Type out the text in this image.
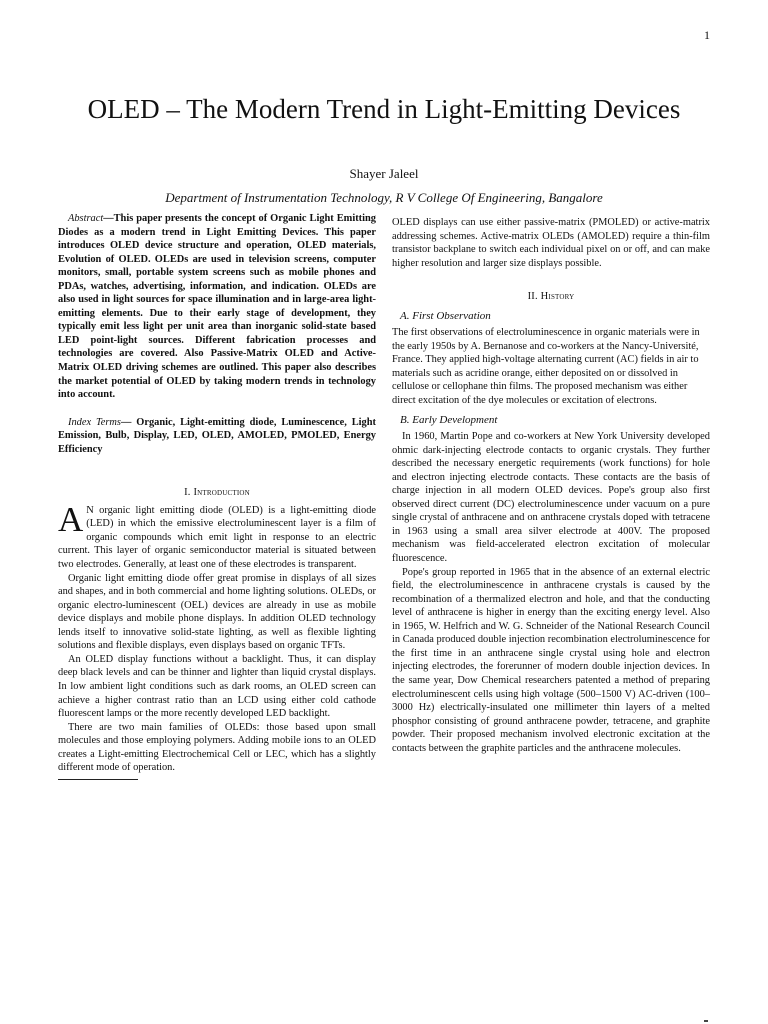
1
OLED – The Modern Trend in Light-Emitting Devices
Shayer Jaleel
Department of Instrumentation Technology, R V College Of Engineering, Bangalore

Abstract—This paper presents the concept of Organic Light Emitting Diodes as a modern trend in Light Emitting Devices. This paper introduces OLED device structure and operation, OLED materials, Evolution of OLED. OLEDs are used in television screens, computer monitors, small, portable system screens such as mobile phones and PDAs, watches, advertising, information, and indication. OLEDs are also used in light sources for space illumination and in large-area light-emitting elements. Due to their early stage of development, they typically emit less light per unit area than inorganic solid-state based LED point-light sources. Different fabrication processes and technologies are covered. Also Passive-Matrix OLED and Active-Matrix OLED driving schemes are outlined. This paper also describes the market potential of OLED by taking modern trends in technology into account.

Index Terms— Organic, Light-emitting diode, Luminescence, Light Emission, Bulb, Display, LED, OLED, AMOLED, PMOLED, Energy Efficiency

I. Introduction

A N organic light emitting diode (OLED) is a light-emitting diode (LED) in which the emissive electroluminescent layer is a film of organic compounds which emit light in response to an electric current. This layer of organic semiconductor material is situated between two electrodes. Generally, at least one of these electrodes is transparent.

Organic light emitting diode offer great promise in displays of all sizes and shapes, and in both commercial and home lighting solutions. OLEDs, or organic electro-luminescent (OEL) devices are already in use as mobile device displays and mobile phone displays. In addition OLED technology lends itself to innovative solid-state lighting, as well as flexible lighting solutions and flexible displays, even displays based on organic TFTs.

An OLED display functions without a backlight. Thus, it can display deep black levels and can be thinner and lighter than liquid crystal displays. In low ambient light conditions such as dark rooms, an OLED screen can achieve a higher contrast ratio than an LCD using either cold cathode fluorescent lamps or the more recently developed LED backlight.

There are two main families of OLEDs: those based upon small molecules and those employing polymers. Adding mobile ions to an OLED creates a Light-emitting Electrochemical Cell or LEC, which has a slightly different mode of operation.

OLED displays can use either passive-matrix (PMOLED) or active-matrix addressing schemes. Active-matrix OLEDs (AMOLED) require a thin-film transistor backplane to switch each individual pixel on or off, and can make higher resolution and larger size displays possible.

II. History
A. First Observation

The first observations of electroluminescence in organic materials were in the early 1950s by A. Bernanose and co-workers at the Nancy-Université, France. They applied high-voltage alternating current (AC) fields in air to materials such as acridine orange, either deposited on or dissolved in cellulose or cellophane thin films. The proposed mechanism was either direct excitation of the dye molecules or excitation of electrons.

B. Early Development

In 1960, Martin Pope and co-workers at New York University developed ohmic dark-injecting electrode contacts to organic crystals. They further described the necessary energetic requirements (work functions) for hole and electron injecting electrode contacts. These contacts are the basis of charge injection in all modern OLED devices. Pope's group also first observed direct current (DC) electroluminescence under vacuum on a pure single crystal of anthracene and on anthracene crystals doped with tetracene in 1963 using a small area silver electrode at 400V. The proposed mechanism was field-accelerated electron excitation of molecular fluorescence.

Pope's group reported in 1965 that in the absence of an external electric field, the electroluminescence in anthracene crystals is caused by the recombination of a thermalized electron and hole, and that the conducting level of anthracene is higher in energy than the exciting energy level. Also in 1965, W. Helfrich and W. G. Schneider of the National Research Council in Canada produced double injection recombination electroluminescence for the first time in an anthracene single crystal using hole and electron injecting electrodes, the forerunner of modern double injection devices. In the same year, Dow Chemical researchers patented a method of preparing electroluminescent cells using high voltage (500–1500 V) AC-driven (100–3000 Hz) electrically-insulated one millimeter thin layers of a melted phosphor consisting of ground anthracene powder, tetracene, and graphite powder. Their proposed mechanism involved electronic excitation at the contacts between the graphite particles and the anthracene molecules.
